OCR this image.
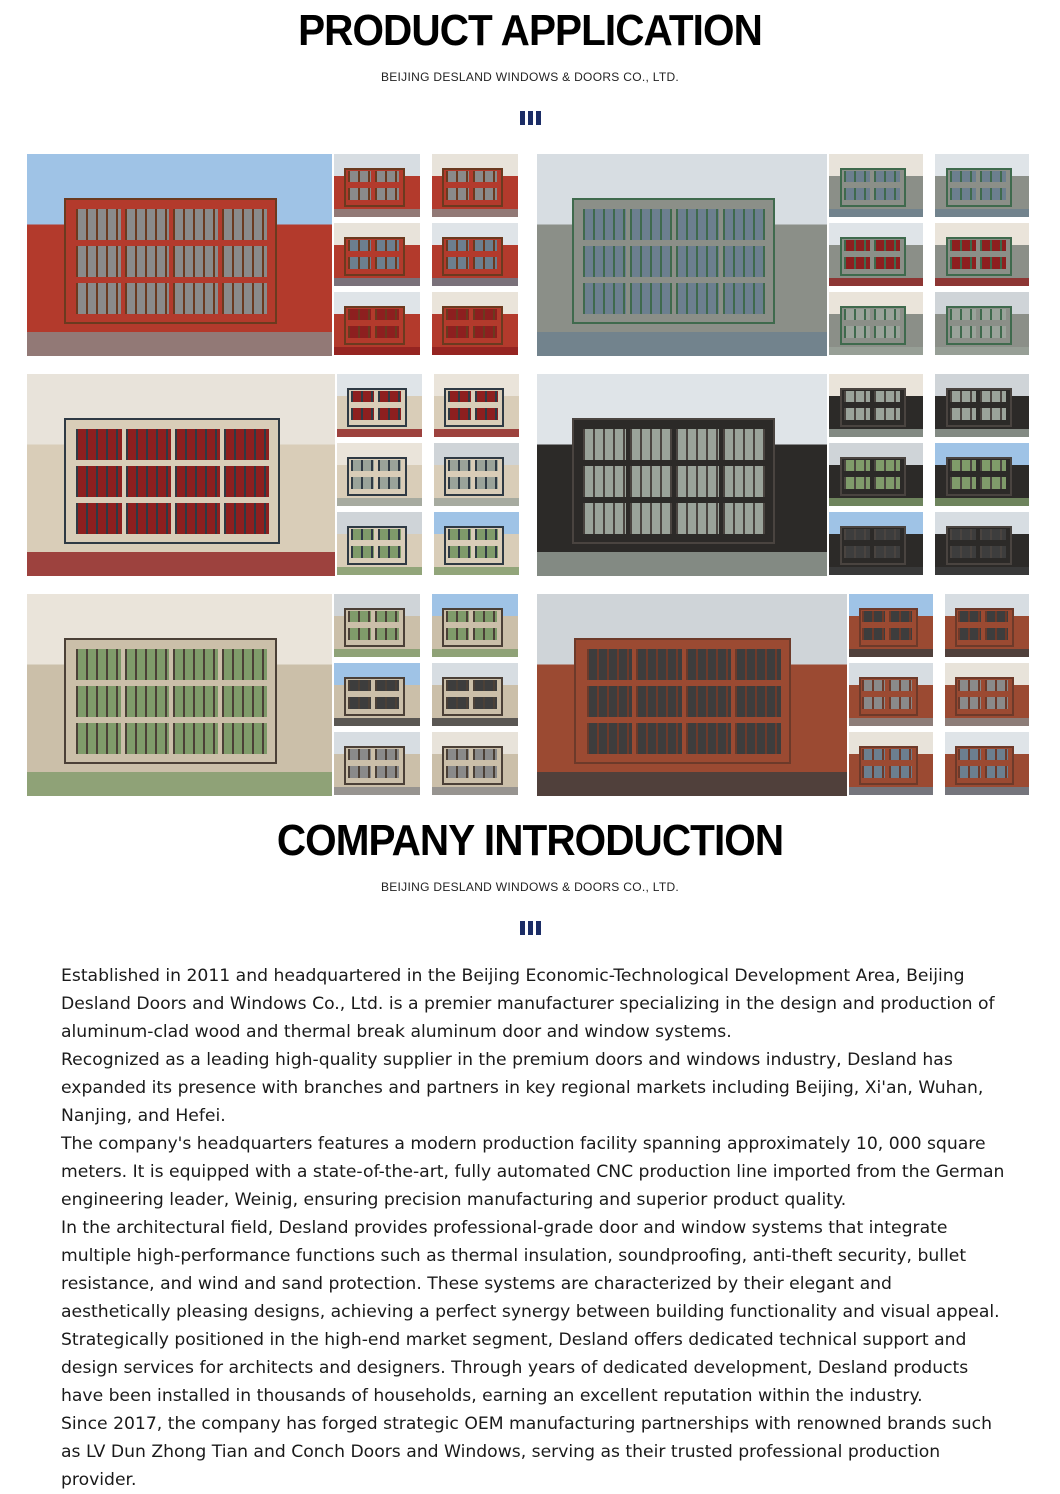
PRODUCT APPLICATION
BEIJING DESLAND WINDOWS & DOORS CO., LTD.
COMPANY INTRODUCTION
BEIJING DESLAND WINDOWS & DOORS CO., LTD.

Established in 2011 and headquartered in the Beijing Economic-Technological Development Area, Beijing Desland Doors and Windows Co., Ltd. is a premier manufacturer specializing in the design and production of aluminum-clad wood and thermal break aluminum door and window systems.

Recognized as a leading high-quality supplier in the premium doors and windows industry, Desland has expanded its presence with branches and partners in key regional markets including Beijing, Xi'an, Wuhan, Nanjing, and Hefei.

The company's headquarters features a modern production facility spanning approximately 10, 000 square meters. It is equipped with a state-of-the-art, fully automated CNC production line imported from the German engineering leader, Weinig, ensuring precision manufacturing and superior product quality.

In the architectural field, Desland provides professional-grade door and window systems that integrate multiple high-performance functions such as thermal insulation, soundproofing, anti-theft security, bullet resistance, and wind and sand protection. These systems are characterized by their elegant and aesthetically pleasing designs, achieving a perfect synergy between building functionality and visual appeal.

Strategically positioned in the high-end market segment, Desland offers dedicated technical support and design services for architects and designers. Through years of dedicated development, Desland products have been installed in thousands of households, earning an excellent reputation within the industry.

Since 2017, the company has forged strategic OEM manufacturing partnerships with renowned brands such as LV Dun Zhong Tian and Conch Doors and Windows, serving as their trusted professional production provider.
